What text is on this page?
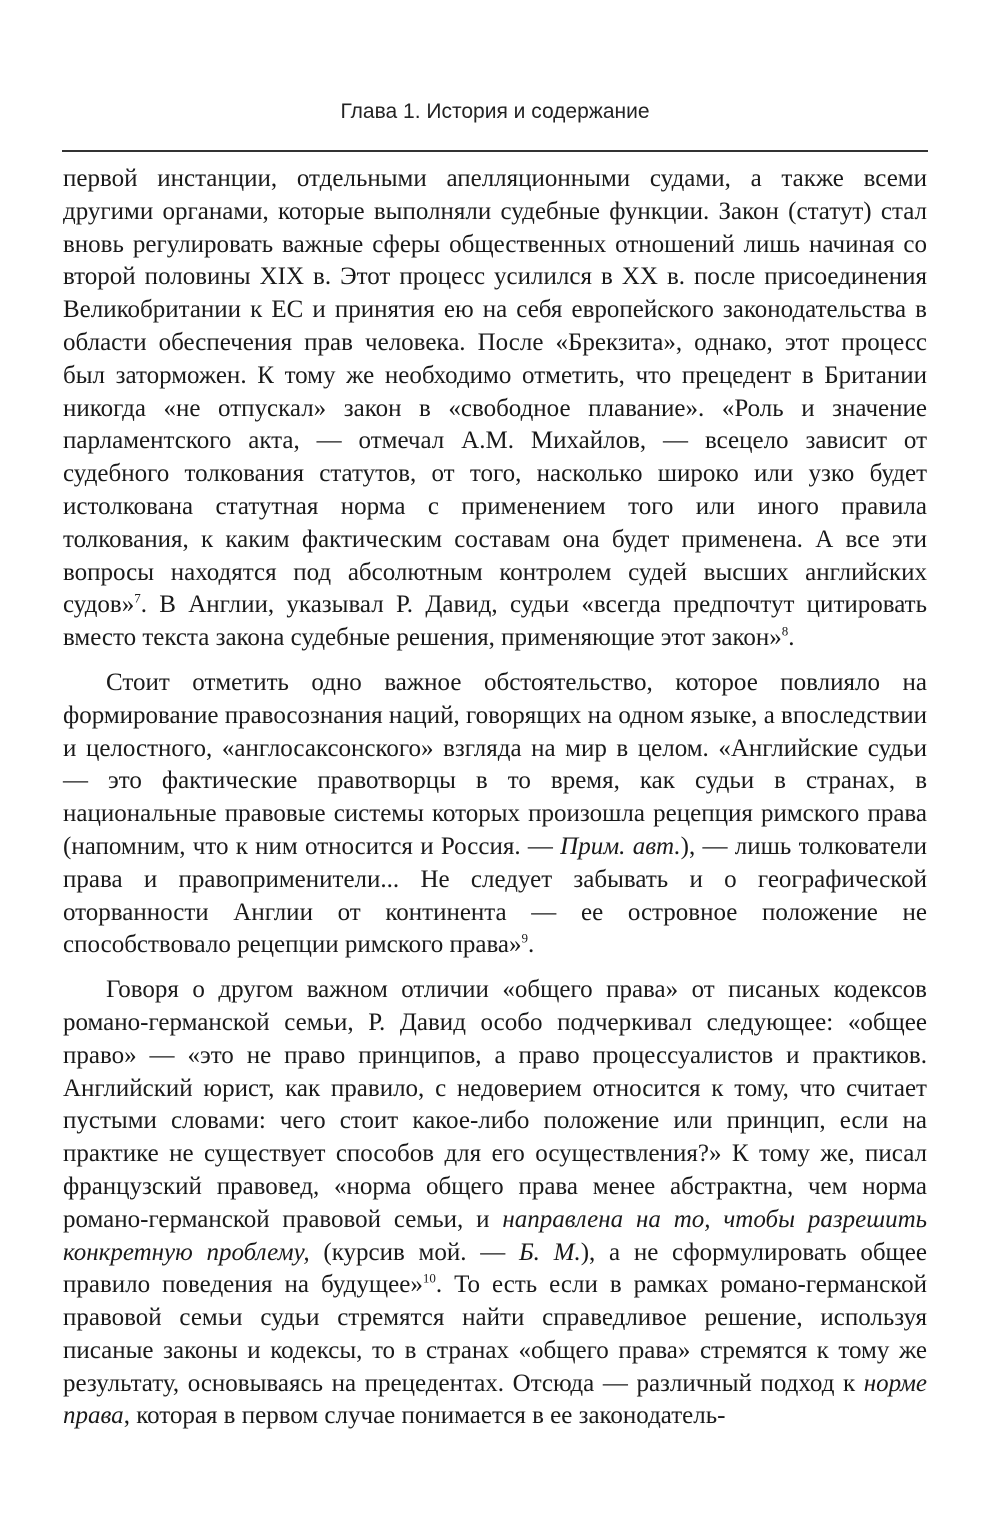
Глава 1. История и содержание

первой инстанции, отдельными апелляционными судами, а также всеми другими органами, которые выполняли судебные функции. Закон (статут) стал вновь регулировать важные сферы общественных отношений лишь начиная со второй половины XIX в. Этот процесс усилился в XX в. после присоединения Великобритании к ЕС и принятия ею на себя европейского законодательства в области обеспечения прав человека. После «Брекзита», однако, этот процесс был заторможен. К тому же необходимо отметить, что прецедент в Британии никогда «не отпускал» закон в «свободное плавание». «Роль и значение парламентского акта, — отмечал А.М. Михайлов, — всецело зависит от судебного толкования статутов, от того, насколько широко или узко будет истолкована статутная норма с применением того или иного правила толкования, к каким фактическим составам она будет применена. А все эти вопросы находятся под абсолютным контролем судей высших английских судов»$^7$. В Англии, указывал Р. Давид, судьи «всегда предпочтут цитировать вместо текста закона судебные решения, применяющие этот закон»$^8$.

Стоит отметить одно важное обстоятельство, которое повлияло на формирование правосознания наций, говорящих на одном языке, а впоследствии и целостного, «англосаксонского» взгляда на мир в целом. «Английские судьи — это фактические правотворцы в то время, как судьи в странах, в национальные правовые системы которых произошла рецепция римского права (напомним, что к ним относится и Россия. — Прим. авт.), — лишь толкователи права и правоприменители... Не следует забывать и о географической оторванности Англии от континента — ее островное положение не способствовало рецепции римского права»$^9$.

Говоря о другом важном отличии «общего права» от писаных кодексов романо-германской семьи, Р. Давид особо подчеркивал следующее: «общее право» — «это не право принципов, а право процессуалистов и практиков. Английский юрист, как правило, с недоверием относится к тому, что считает пустыми словами: чего стоит какое-либо положение или принцип, если на практике не существует способов для его осуществления?» К тому же, писал французский правовед, «норма общего права менее абстрактна, чем норма романо-германской правовой семьи, и направлена на то, чтобы разрешить конкретную проблему, (курсив мой. — Б. М.), а не сформулировать общее правило поведения на будущее»$^{10}$. То есть если в рамках романо-германской правовой семьи судьи стремятся найти справедливое решение, используя писаные законы и кодексы, то в странах «общего права» стремятся к тому же результату, основываясь на прецедентах. Отсюда — различный подход к норме права, которая в первом случае понимается в ее законодатель-
